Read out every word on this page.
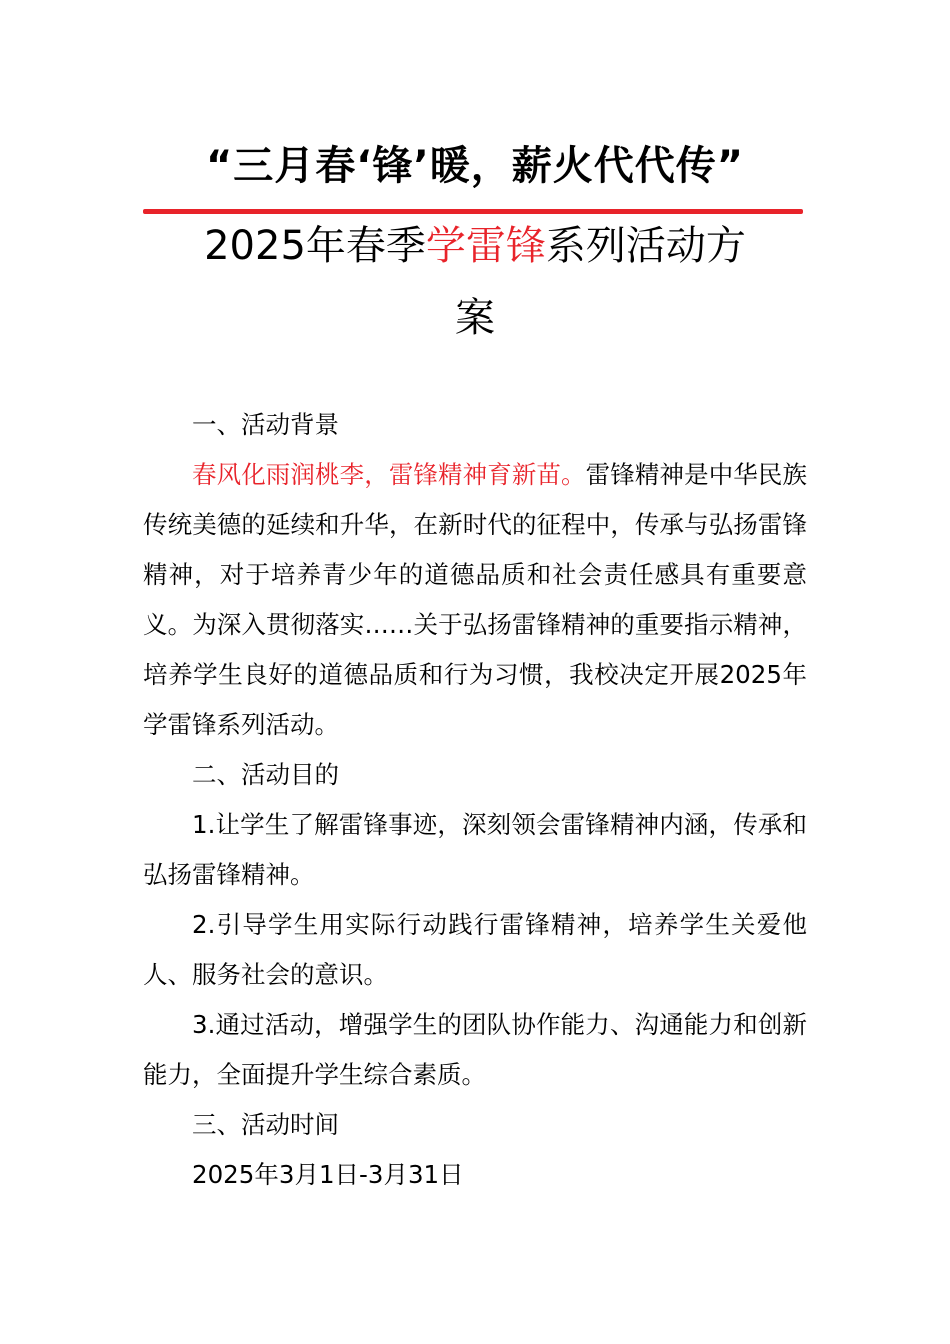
“三月春‘锋’暖，薪火代代传”
2025年春季学雷锋系列活动方
案

一、活动背景

春风化雨润桃李，雷锋精神育新苗。雷锋精神是中华民族传统美德的延续和升华，在新时代的征程中，传承与弘扬雷锋精神，对于培养青少年的道德品质和社会责任感具有重要意义。为深入贯彻落实……关于弘扬雷锋精神的重要指示精神，培养学生良好的道德品质和行为习惯，我校决定开展2025年学雷锋系列活动。

二、活动目的

1.让学生了解雷锋事迹，深刻领会雷锋精神内涵，传承和弘扬雷锋精神。

2.引导学生用实际行动践行雷锋精神，培养学生关爱他人、服务社会的意识。

3.通过活动，增强学生的团队协作能力、沟通能力和创新能力，全面提升学生综合素质。

三、活动时间

2025年3月1日-3月31日
